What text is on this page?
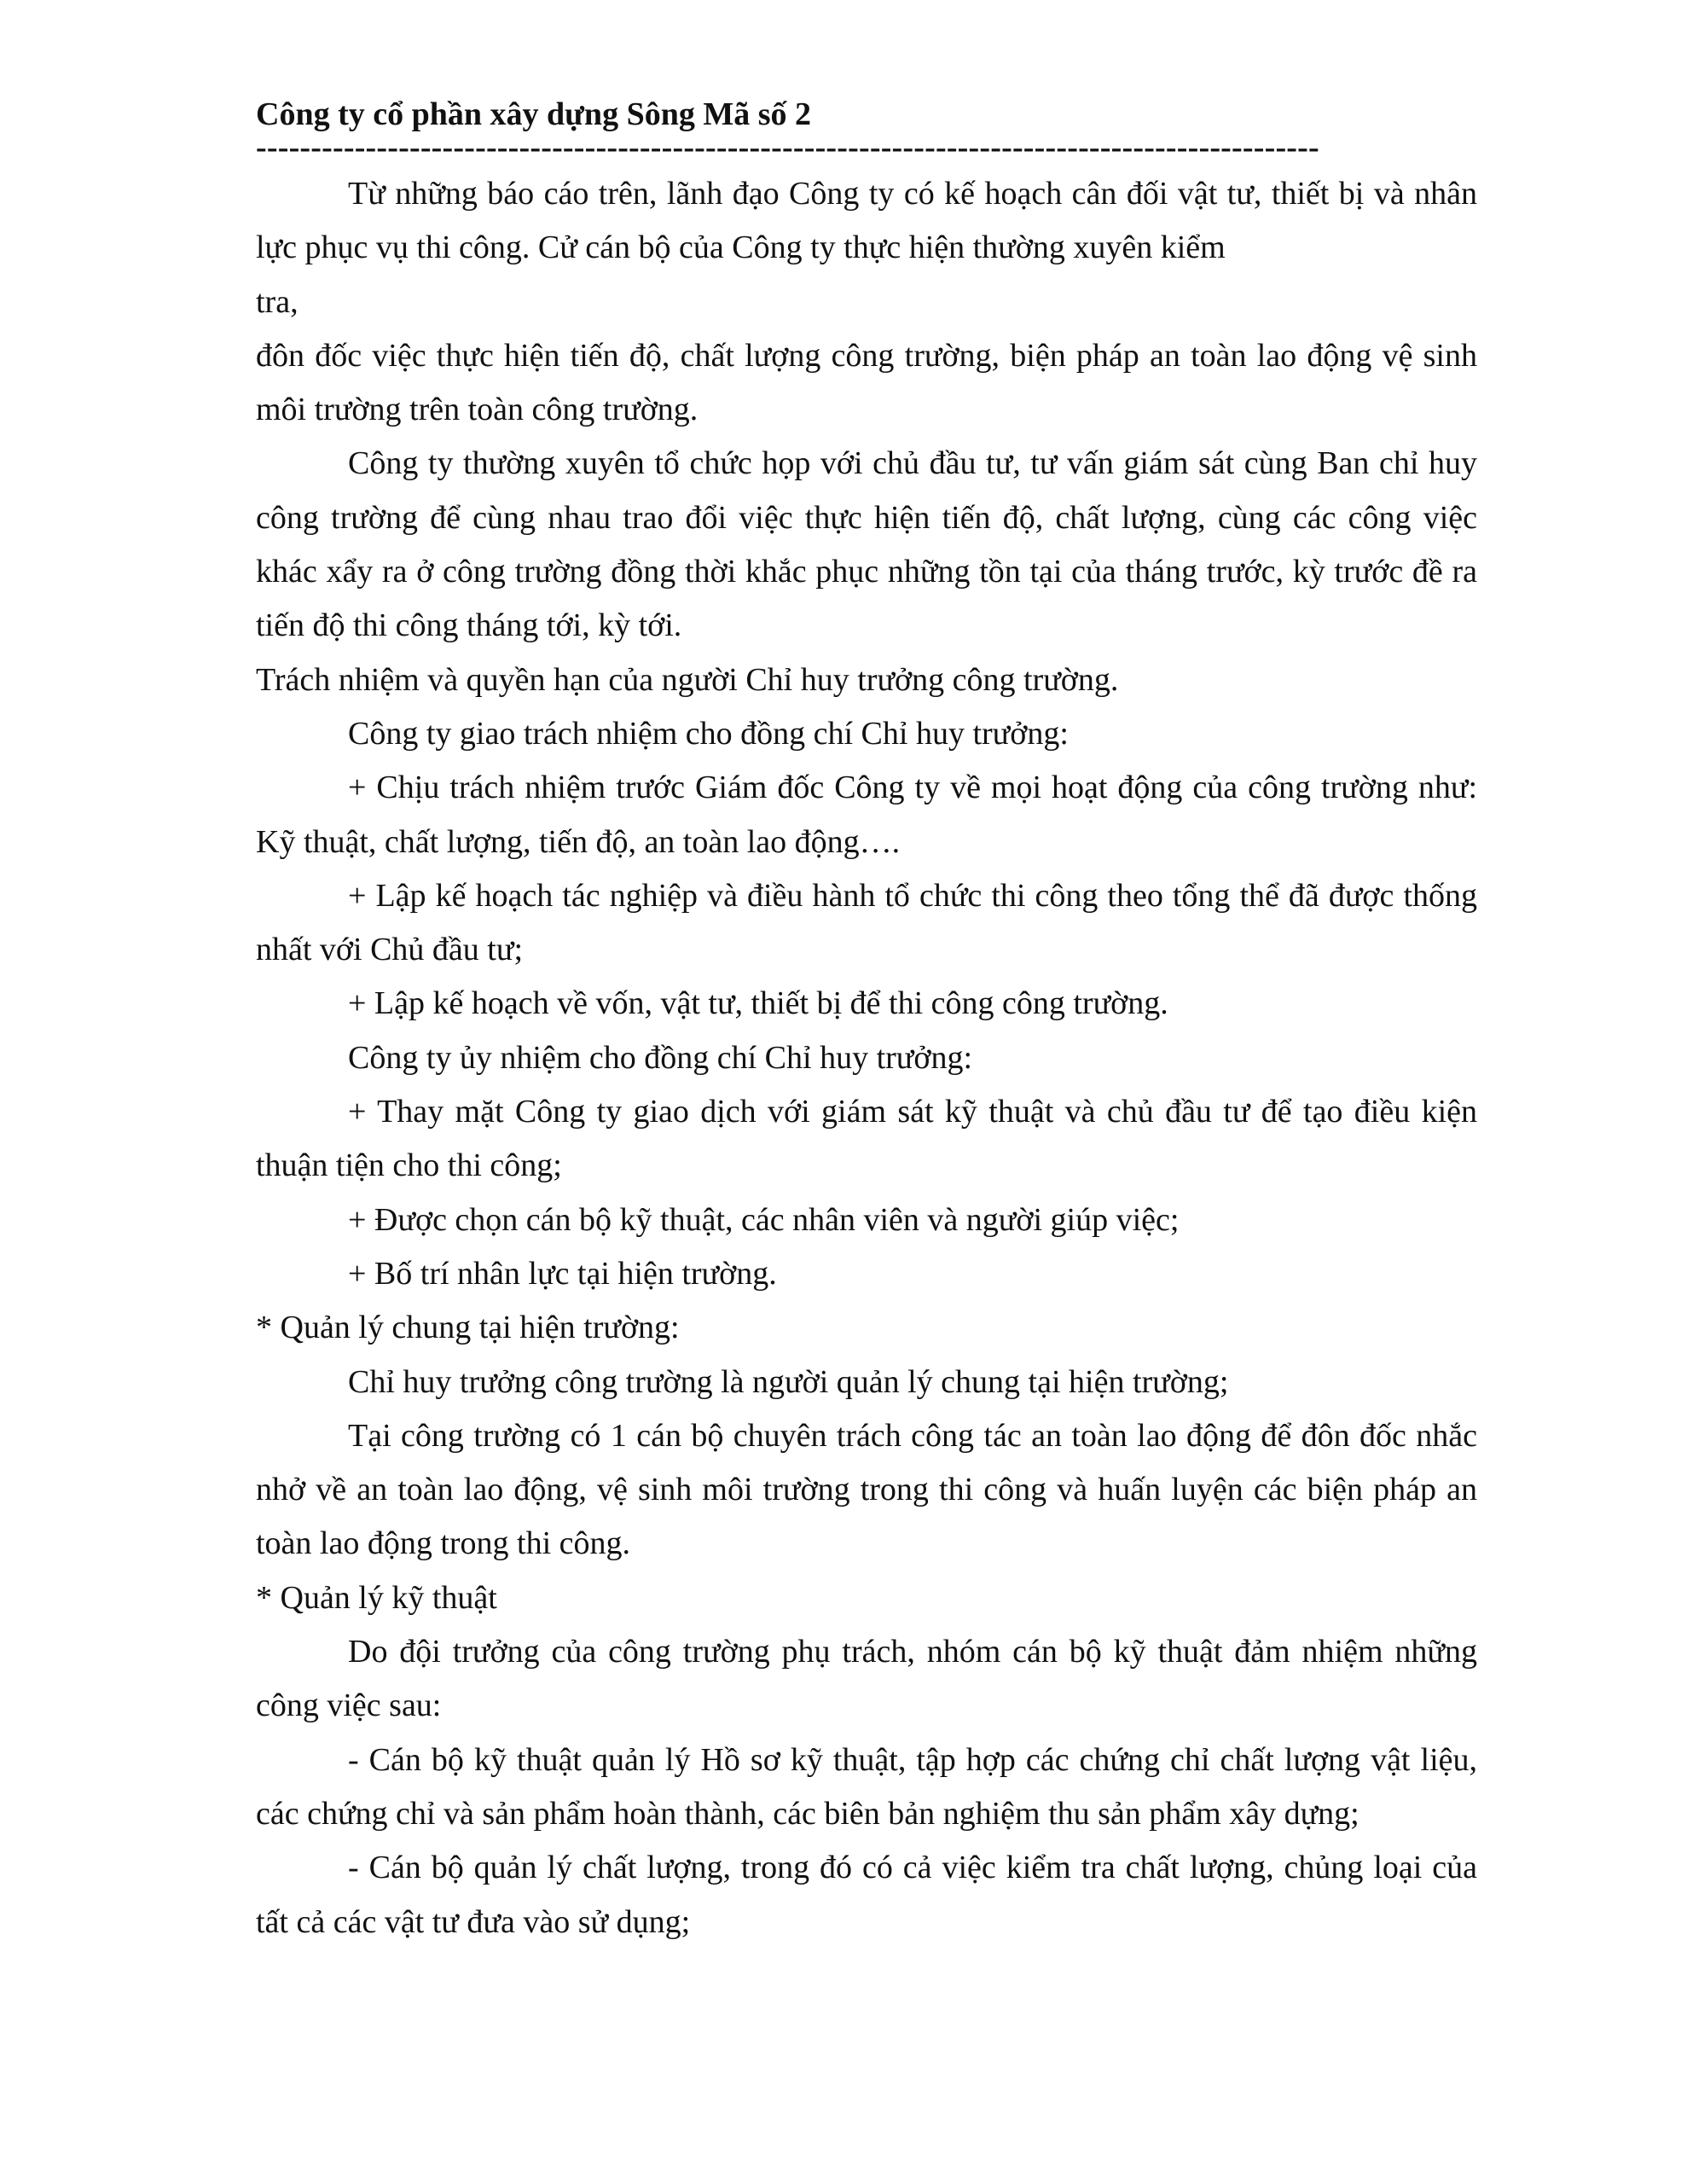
Công ty cổ phần xây dựng Sông Mã số 2
-------------------------------------------------------------------------------------------------

Từ những báo cáo trên, lãnh đạo Công ty có kế hoạch cân đối vật tư, thiết bị và nhân lực phục vụ thi công. Cử cán bộ của Công ty thực hiện thường xuyên kiểm

tra,

đôn đốc việc thực hiện tiến độ, chất lượng công trường, biện pháp an toàn lao động vệ sinh môi trường trên toàn công trường.

Công ty thường xuyên tổ chức họp với chủ đầu tư, tư vấn giám sát cùng Ban chỉ huy công trường để cùng nhau trao đổi việc thực hiện tiến độ, chất lượng, cùng các công việc khác xẩy ra ở công trường đồng thời khắc phục những tồn tại của tháng trước, kỳ trước đề ra tiến độ thi công tháng tới, kỳ tới.

Trách nhiệm và quyền hạn của người Chỉ huy trưởng công trường.

Công ty giao trách nhiệm cho đồng chí Chỉ huy trưởng:

+ Chịu trách nhiệm trước Giám đốc Công ty về mọi hoạt động của công trường như: Kỹ thuật, chất lượng, tiến độ, an toàn lao động….

+ Lập kế hoạch tác nghiệp và điều hành tổ chức thi công theo tổng thể đã được thống nhất với Chủ đầu tư;

+ Lập kế hoạch về vốn, vật tư, thiết bị để thi công công trường.

Công ty ủy nhiệm cho đồng chí Chỉ huy trưởng:

+ Thay mặt Công ty giao dịch với giám sát kỹ thuật và chủ đầu tư để tạo điều kiện thuận tiện cho thi công;

+ Được chọn cán bộ kỹ thuật, các nhân viên và người giúp việc;

+ Bố trí nhân lực tại hiện trường.

* Quản lý chung tại hiện trường:

Chỉ huy trưởng công trường là người quản lý chung tại hiện trường;

Tại công trường có 1 cán bộ chuyên trách công tác an toàn lao động để đôn đốc nhắc nhở về an toàn lao động, vệ sinh môi trường trong thi công và huấn luyện các biện pháp an toàn lao động trong thi công.

* Quản lý kỹ thuật

Do đội trưởng của công trường phụ trách, nhóm cán bộ kỹ thuật đảm nhiệm những công việc sau:

- Cán bộ kỹ thuật quản lý Hồ sơ kỹ thuật, tập hợp các chứng chỉ chất lượng vật liệu, các chứng chỉ và sản phẩm hoàn thành, các biên bản nghiệm thu sản phẩm xây dựng;

- Cán bộ quản lý chất lượng, trong đó có cả việc kiểm tra chất lượng, chủng loại của tất cả các vật tư đưa vào sử dụng;
